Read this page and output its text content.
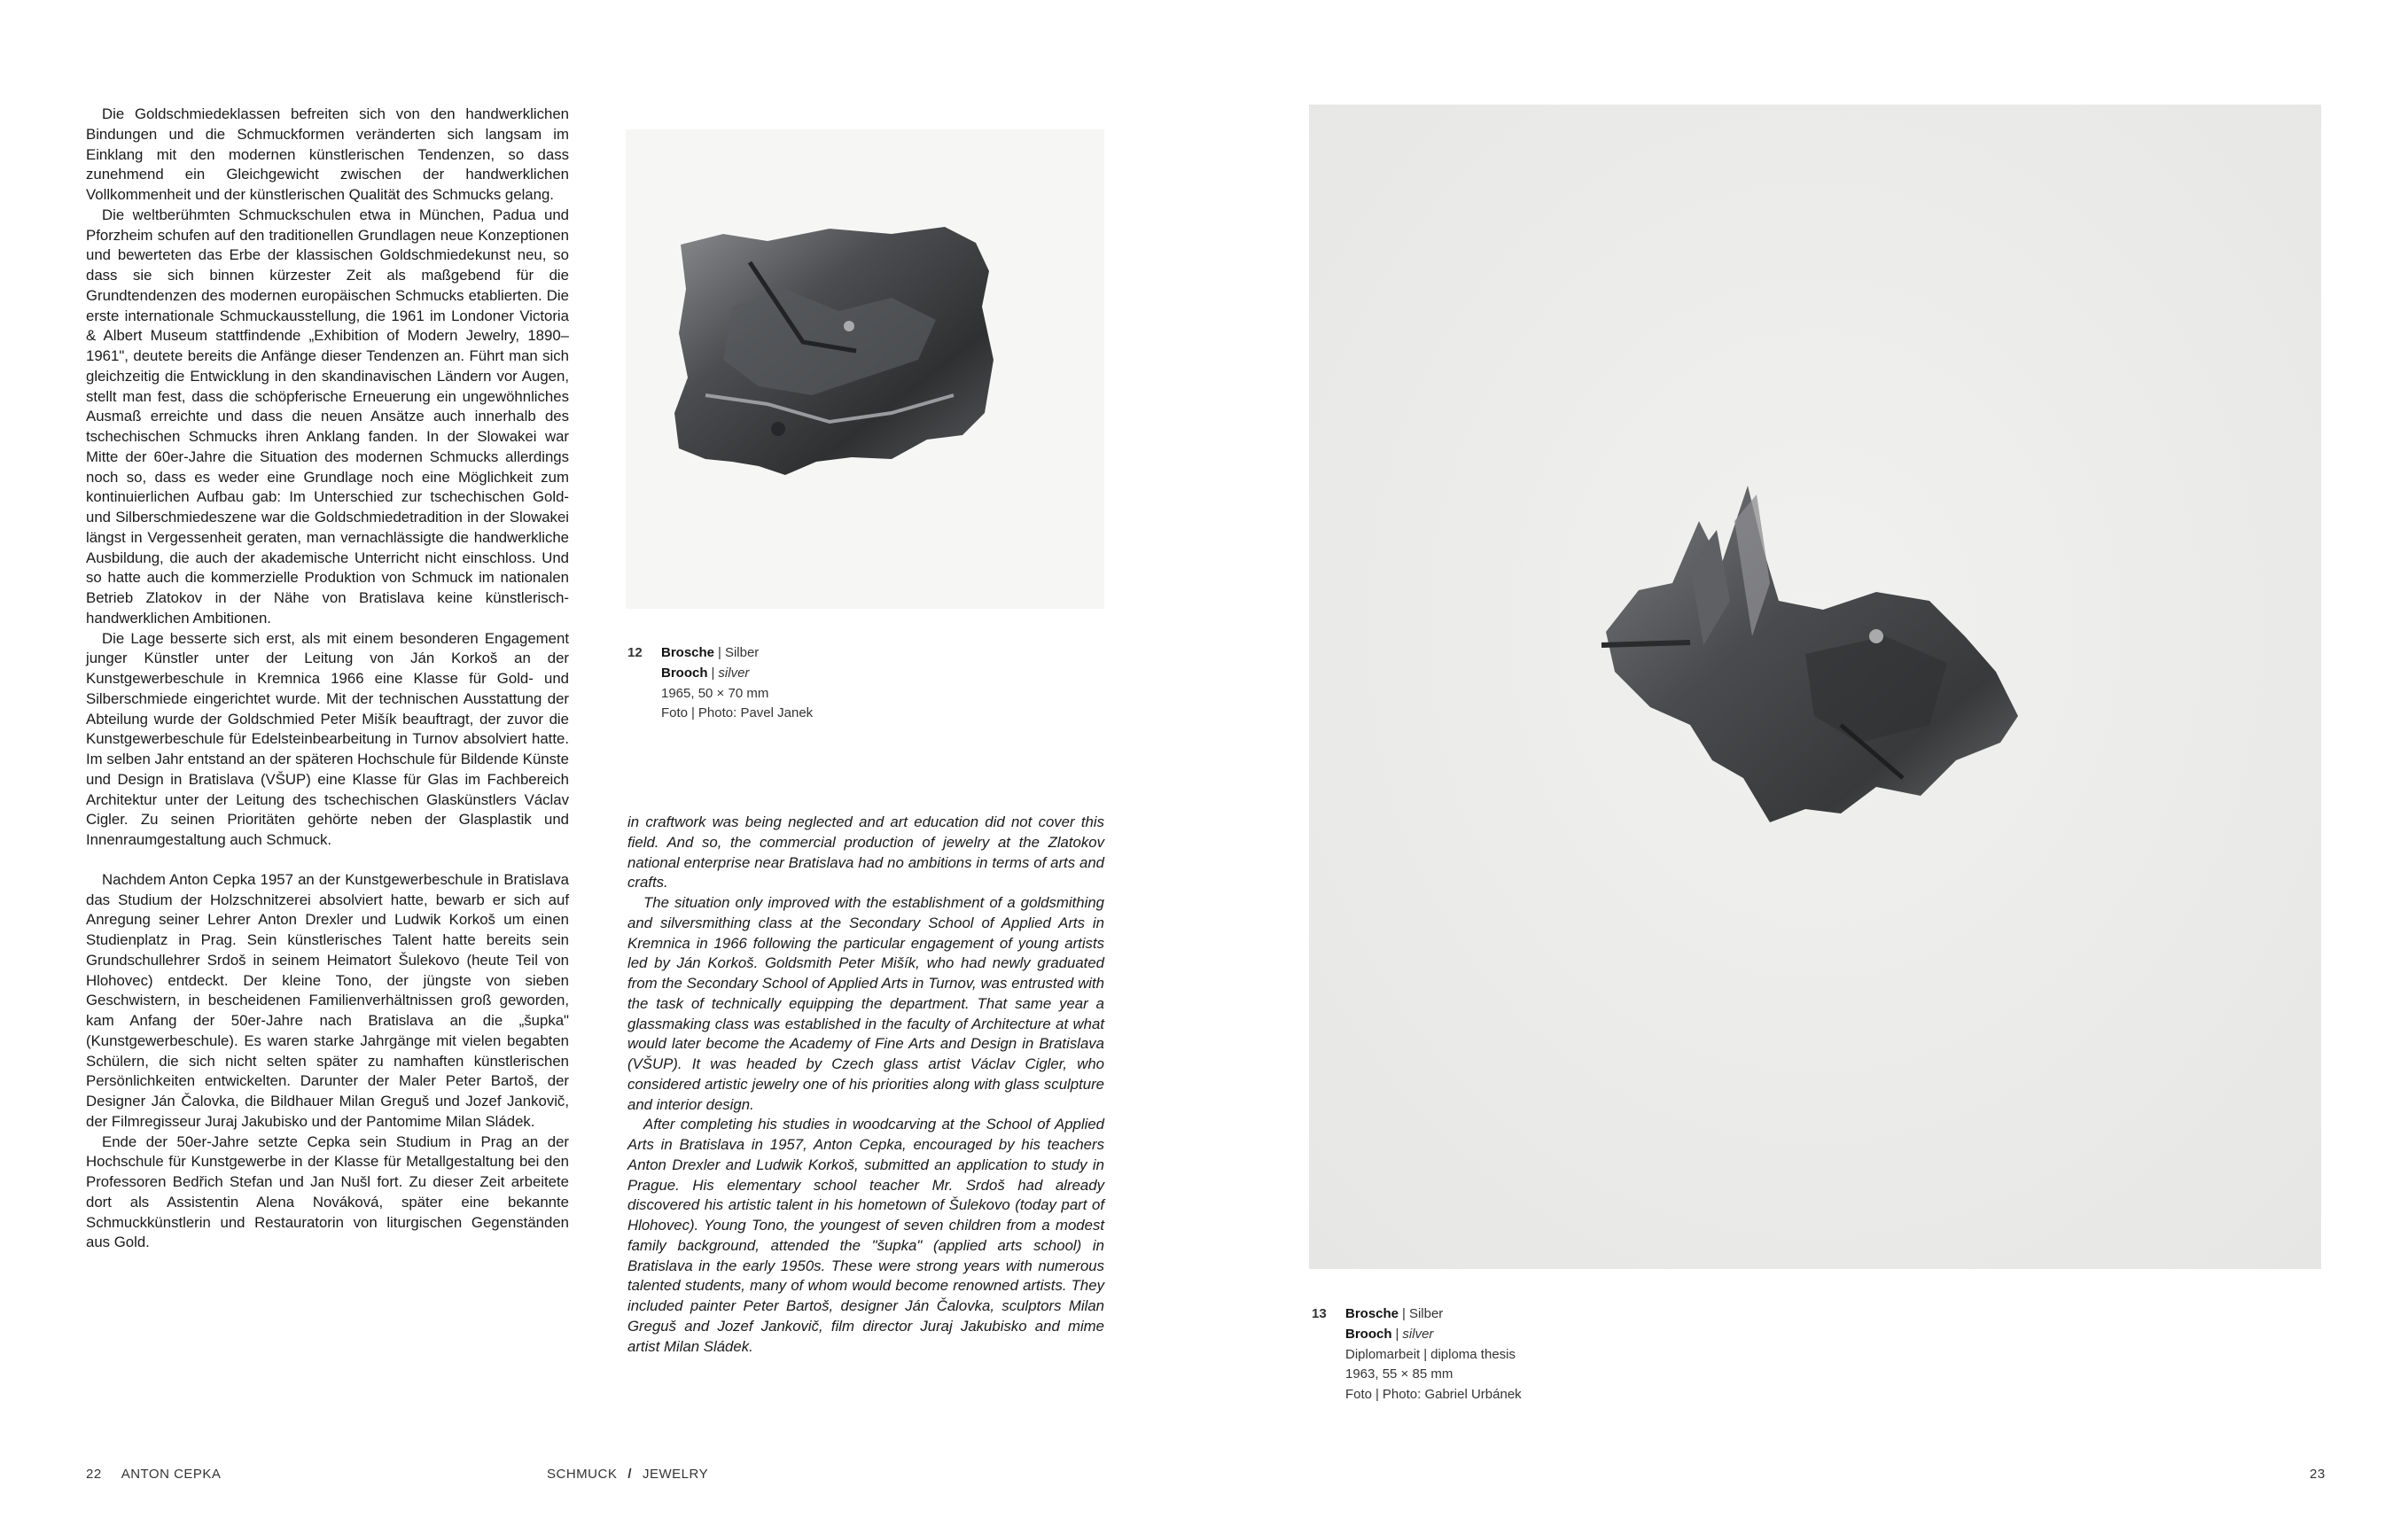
Die Goldschmiedeklassen befreiten sich von den handwerklichen Bindungen und die Schmuckformen veränderten sich langsam im Einklang mit den modernen künstlerischen Tendenzen, so dass zunehmend ein Gleichgewicht zwischen der handwerklichen Vollkommenheit und der künstlerischen Qualität des Schmucks gelang.

Die weltberühmten Schmuckschulen etwa in München, Padua und Pforzheim schufen auf den traditionellen Grundlagen neue Konzeptionen und bewerteten das Erbe der klassischen Goldschmiedekunst neu, so dass sie sich binnen kürzester Zeit als maßgebend für die Grundtendenzen des modernen europäischen Schmucks etablierten. Die erste internationale Schmuckausstellung, die 1961 im Londoner Victoria & Albert Museum stattfindende „Exhibition of Modern Jewelry, 1890–1961", deutete bereits die Anfänge dieser Tendenzen an. Führt man sich gleichzeitig die Entwicklung in den skandinavischen Ländern vor Augen, stellt man fest, dass die schöpferische Erneuerung ein ungewöhnliches Ausmaß erreichte und dass die neuen Ansätze auch innerhalb des tschechischen Schmucks ihren Anklang fanden. In der Slowakei war Mitte der 60er-Jahre die Situation des modernen Schmucks allerdings noch so, dass es weder eine Grundlage noch eine Möglichkeit zum kontinuierlichen Aufbau gab: Im Unterschied zur tschechischen Gold- und Silberschmiedeszene war die Goldschmiedetradition in der Slowakei längst in Vergessenheit geraten, man vernachlässigte die handwerkliche Ausbildung, die auch der akademische Unterricht nicht einschloss. Und so hatte auch die kommerzielle Produktion von Schmuck im nationalen Betrieb Zlatokov in der Nähe von Bratislava keine künstlerisch-handwerklichen Ambitionen.

Die Lage besserte sich erst, als mit einem besonderen Engagement junger Künstler unter der Leitung von Ján Korkoš an der Kunstgewerbeschule in Kremnica 1966 eine Klasse für Gold- und Silberschmiede eingerichtet wurde. Mit der technischen Ausstattung der Abteilung wurde der Goldschmied Peter Mišík beauftragt, der zuvor die Kunstgewerbeschule für Edelsteinbearbeitung in Turnov absolviert hatte. Im selben Jahr entstand an der späteren Hochschule für Bildende Künste und Design in Bratislava (VŠUP) eine Klasse für Glas im Fachbereich Architektur unter der Leitung des tschechischen Glaskünstlers Václav Cigler. Zu seinen Prioritäten gehörte neben der Glasplastik und Innenraumgestaltung auch Schmuck.

Nachdem Anton Cepka 1957 an der Kunstgewerbeschule in Bratislava das Studium der Holzschnitzerei absolviert hatte, bewarb er sich auf Anregung seiner Lehrer Anton Drexler und Ludwik Korkoš um einen Studienplatz in Prag. Sein künstlerisches Talent hatte bereits sein Grundschullehrer Srdoš in seinem Heimatort Šulekovo (heute Teil von Hlohovec) entdeckt. Der kleine Tono, der jüngste von sieben Geschwistern, in bescheidenen Familienverhältnissen groß geworden, kam Anfang der 50er-Jahre nach Bratislava an die „šupka" (Kunstgewerbeschule). Es waren starke Jahrgänge mit vielen begabten Schülern, die sich nicht selten später zu namhaften künstlerischen Persönlichkeiten entwickelten. Darunter der Maler Peter Bartoš, der Designer Ján Čalovka, die Bildhauer Milan Greguš und Jozef Jankovič, der Filmregisseur Juraj Jakubisko und der Pantomime Milan Sládek.

Ende der 50er-Jahre setzte Cepka sein Studium in Prag an der Hochschule für Kunstgewerbe in der Klasse für Metallgestaltung bei den Professoren Bedřich Stefan und Jan Nušl fort. Zu dieser Zeit arbeitete dort als Assistentin Alena Nováková, später eine bekannte Schmuckkünstlerin und Restauratorin von liturgischen Gegenständen aus Gold.

12 Brosche | Silber
Brooch | silver
1965, 50 × 70 mm
Foto | Photo: Pavel Janek

in craftwork was being neglected and art education did not cover this field. And so, the commercial production of jewelry at the Zlatokov national enterprise near Bratislava had no ambitions in terms of arts and crafts.

The situation only improved with the establishment of a goldsmithing and silversmithing class at the Secondary School of Applied Arts in Kremnica in 1966 following the particular engagement of young artists led by Ján Korkoš. Goldsmith Peter Mišík, who had newly graduated from the Secondary School of Applied Arts in Turnov, was entrusted with the task of technically equipping the department. That same year a glassmaking class was established in the faculty of Architecture at what would later become the Academy of Fine Arts and Design in Bratislava (VŠUP). It was headed by Czech glass artist Václav Cigler, who considered artistic jewelry one of his priorities along with glass sculpture and interior design.

After completing his studies in woodcarving at the School of Applied Arts in Bratislava in 1957, Anton Cepka, encouraged by his teachers Anton Drexler and Ludwik Korkoš, submitted an application to study in Prague. His elementary school teacher Mr. Srdoš had already discovered his artistic talent in his hometown of Šulekovo (today part of Hlohovec). Young Tono, the youngest of seven children from a modest family background, attended the "šupka" (applied arts school) in Bratislava in the early 1950s. These were strong years with numerous talented students, many of whom would become renowned artists. They included painter Peter Bartoš, designer Ján Čalovka, sculptors Milan Greguš and Jozef Jankovič, film director Juraj Jakubisko and mime artist Milan Sládek.

13 Brosche | Silber
Brooch | silver
Diplomarbeit | diploma thesis
1963, 55 × 85 mm
Foto | Photo: Gabriel Urbánek
22 ANTON CEPKA	SCHMUCK / JEWELRY	23
